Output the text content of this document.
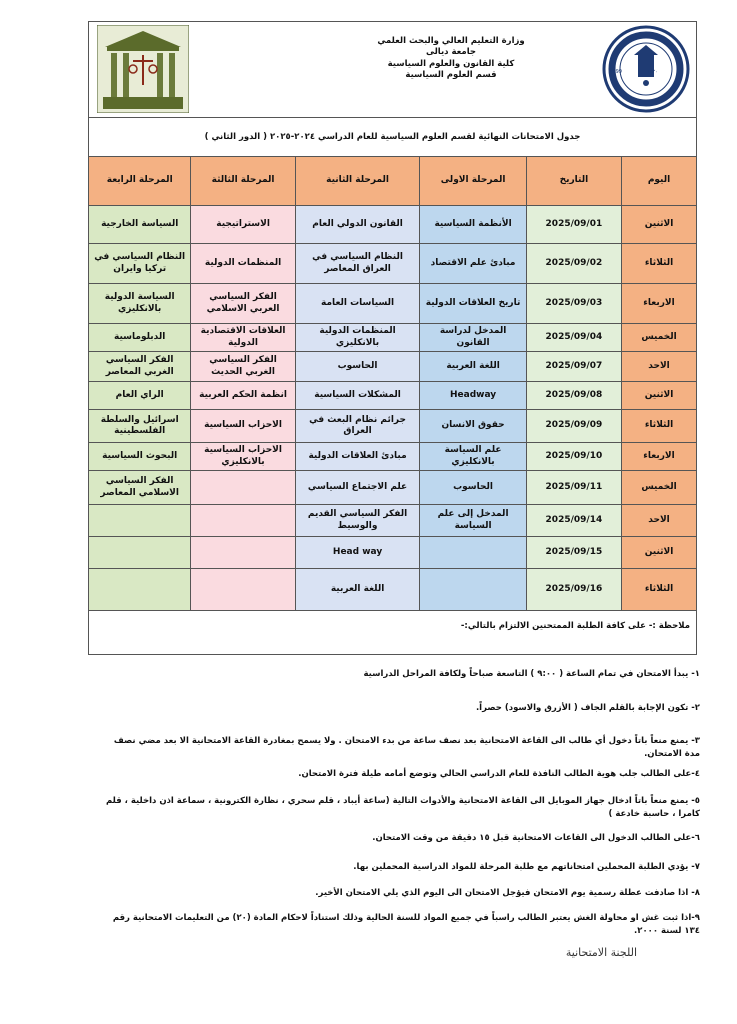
1999	١٤٢٠
وزارة التعليم العالي والبحث العلمي
جامعة ديالى
كلية القانون والعلوم السياسية
قسم العلوم السياسية
جدول الامتحانات النهائية لقسم العلوم السياسية للعام الدراسي ٢٠٢٤-٢٠٢٥ ( الدور الثاني )
اليوم	التاريخ	المرحلة الاولى	المرحلة الثانية	المرحلة الثالثة	المرحلة الرابعة
الاثنين	2025/09/01	الأنظمة السياسية	القانون الدولي العام	الاستراتيجية	السياسة الخارجية
الثلاثاء	2025/09/02	مبادئ علم الاقتصاد	النظام السياسي في العراق المعاصر	المنظمات الدولية	النظام السياسي في تركيا وايران
الاربعاء	2025/09/03	تاريخ العلاقات الدولية	السياسات العامة	الفكر السياسي العربي الاسلامي	السياسة الدولية بالانكليزي
الخميس	2025/09/04	المدخل لدراسة القانون	المنظمات الدولية بالانكليزي	العلاقات الاقتصادية الدولية	الدبلوماسية
الاحد	2025/09/07	اللغة العربية	الحاسوب	الفكر السياسي الغربي الحديث	الفكر السياسي الغربي المعاصر
الاثنين	2025/09/08	Headway	المشكلات السياسية	انظمة الحكم العربية	الراي العام
الثلاثاء	2025/09/09	حقوق الانسان	جرائم نظام البعث في العراق	الاحزاب السياسية	اسرائيل والسلطة الفلسطينية
الاربعاء	2025/09/10	علم السياسة بالانكليزي	مبادئ العلاقات الدولية	الاحزاب السياسية بالانكليزي	البحوث السياسية
الخميس	2025/09/11	الحاسوب	علم الاجتماع السياسي		الفكر السياسي الاسلامي المعاصر
الاحد	2025/09/14	المدخل إلى علم السياسة	الفكر السياسي القديم والوسيط		
الاثنين	2025/09/15		Head way		
الثلاثاء	2025/09/16		اللغة العربية		
ملاحظة :- على كافة الطلبة الممتحنين الالتزام بالتالي:-
١- يبدأ الامتحان في تمام الساعة ( ٩:٠٠ ) التاسعة صباحاً ولكافة المراحل الدراسية
٢- تكون الإجابة بالقلم الجاف ( الأزرق والاسود) حصراً.
٣- يمنع منعاً باتاً دخول أي طالب الى القاعة الامتحانية بعد نصف ساعة من بدء الامتحان . ولا يسمح بمغادرة القاعة الامتحانية الا بعد مضي نصف مدة الامتحان.
٤-على الطالب جلب هوية الطالب النافذة للعام الدراسي الحالي وتوضع أمامه طيلة فترة الامتحان.
٥- يمنع منعاً باتاً ادخال جهاز الموبايل الى القاعة الامتحانية والأدوات التالية (ساعة أيباد ، قلم سحري ، نظارة الكترونية ، سماعة اذن داخلية ، قلم كامرا ، حاسبة خادعة )
٦-على الطالب الدخول الى القاعات الامتحانية قبل ١٥ دقيقة من وقت الامتحان.
٧- يؤدي الطلبة المحملين امتحاناتهم مع طلبة المرحلة للمواد الدراسية المحملين بها.
٨- اذا صادفت عطلة رسمية يوم الامتحان فيؤجل الامتحان الى اليوم الذي يلي الامتحان الأخير.
٩-اذا ثبت غش او محاولة الغش يعتبر الطالب راسباً في جميع المواد للسنة الحالية وذلك استناداً لاحكام المادة (٢٠) من التعليمات الامتحانية رقم ١٣٤ لسنة ٢٠٠٠.
اللجنة الامتحانية
